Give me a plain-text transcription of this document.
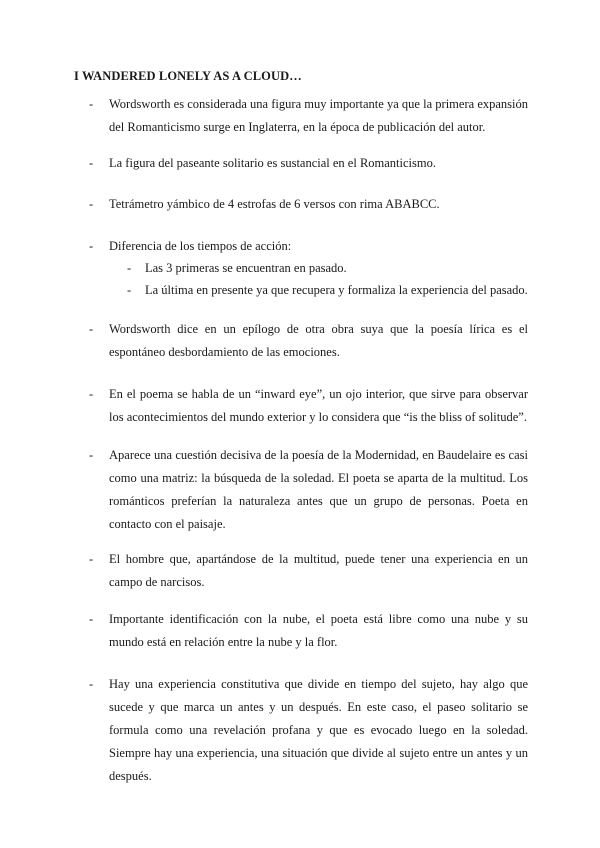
I WANDERED LONELY AS A CLOUD…
- Wordsworth es considerada una figura muy importante ya que la primera expansión del Romanticismo surge en Inglaterra, en la época de publicación del autor.
- La figura del paseante solitario es sustancial en el Romanticismo.
- Tetrámetro yámbico de 4 estrofas de 6 versos con rima ABABCC.
- Diferencia de los tiempos de acción:
- Las 3 primeras se encuentran en pasado.
- La última en presente ya que recupera y formaliza la experiencia del pasado.
- Wordsworth dice en un epílogo de otra obra suya que la poesía lírica es el espontáneo desbordamiento de las emociones.
- En el poema se habla de un “inward eye”, un ojo interior, que sirve para observar los acontecimientos del mundo exterior y lo considera que “is the bliss of solitude”.
- Aparece una cuestión decisiva de la poesía de la Modernidad, en Baudelaire es casi como una matriz: la búsqueda de la soledad. El poeta se aparta de la multitud. Los románticos preferían la naturaleza antes que un grupo de personas. Poeta en contacto con el paisaje.
- El hombre que, apartándose de la multitud, puede tener una experiencia en un campo de narcisos.
- Importante identificación con la nube, el poeta está libre como una nube y su mundo está en relación entre la nube y la flor.
- Hay una experiencia constitutiva que divide en tiempo del sujeto, hay algo que sucede y que marca un antes y un después. En este caso, el paseo solitario se formula como una revelación profana y que es evocado luego en la soledad. Siempre hay una experiencia, una situación que divide al sujeto entre un antes y un después.
